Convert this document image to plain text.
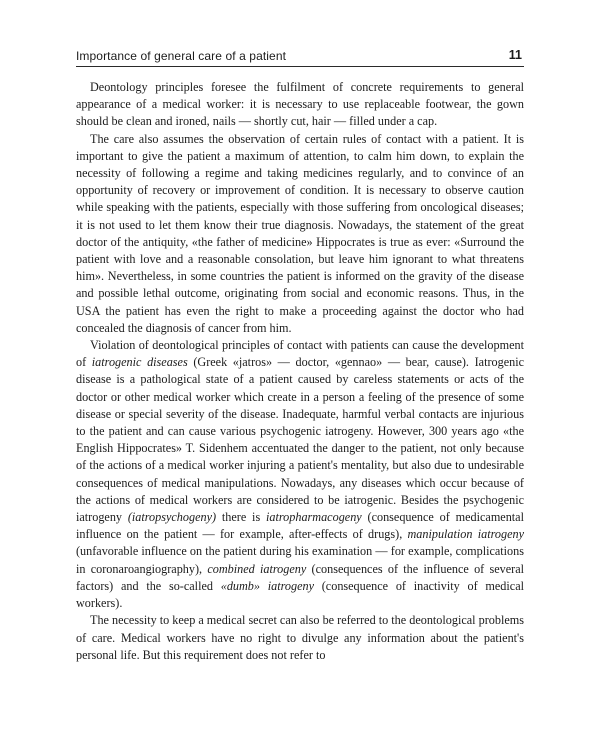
Importance of general care of a patient	11

Deontology principles foresee the fulfilment of concrete requirements to general appearance of a medical worker: it is necessary to use replaceable footwear, the gown should be clean and ironed, nails — shortly cut, hair — filled under a cap.

The care also assumes the observation of certain rules of contact with a patient. It is important to give the patient a maximum of attention, to calm him down, to explain the necessity of following a regime and taking medicines regularly, and to convince of an opportunity of recovery or improvement of condition. It is necessary to observe caution while speaking with the patients, especially with those suffering from oncological diseases; it is not used to let them know their true diagnosis. Nowadays, the statement of the great doctor of the antiquity, «the father of medicine» Hippocrates is true as ever: «Surround the patient with love and a reasonable consolation, but leave him ignorant to what threatens him». Nevertheless, in some countries the patient is informed on the gravity of the disease and possible lethal outcome, originating from social and economic reasons. Thus, in the USA the patient has even the right to make a proceeding against the doctor who had concealed the diagnosis of cancer from him.

Violation of deontological principles of contact with patients can cause the development of iatrogenic diseases (Greek «jatros» — doctor, «gennao» — bear, cause). Iatrogenic disease is a pathological state of a patient caused by careless statements or acts of the doctor or other medical worker which create in a person a feeling of the presence of some disease or special severity of the disease. Inadequate, harmful verbal contacts are injurious to the patient and can cause various psychogenic iatrogeny. However, 300 years ago «the English Hippocrates» T. Sidenhem accentuated the danger to the patient, not only because of the actions of a medical worker injuring a patient's mentality, but also due to undesirable consequences of medical manipulations. Nowadays, any diseases which occur because of the actions of medical workers are considered to be iatrogenic. Besides the psychogenic iatrogeny (iatropsychogeny) there is iatropharmacogeny (consequence of medicamental influence on the patient — for example, after-effects of drugs), manipulation iatrogeny (unfavorable influence on the patient during his examination — for example, complications in coronaroangiography), combined iatrogeny (consequences of the influence of several factors) and the so-called «dumb» iatrogeny (consequence of inactivity of medical workers).

The necessity to keep a medical secret can also be referred to the deontological problems of care. Medical workers have no right to divulge any information about the patient's personal life. But this requirement does not refer to
